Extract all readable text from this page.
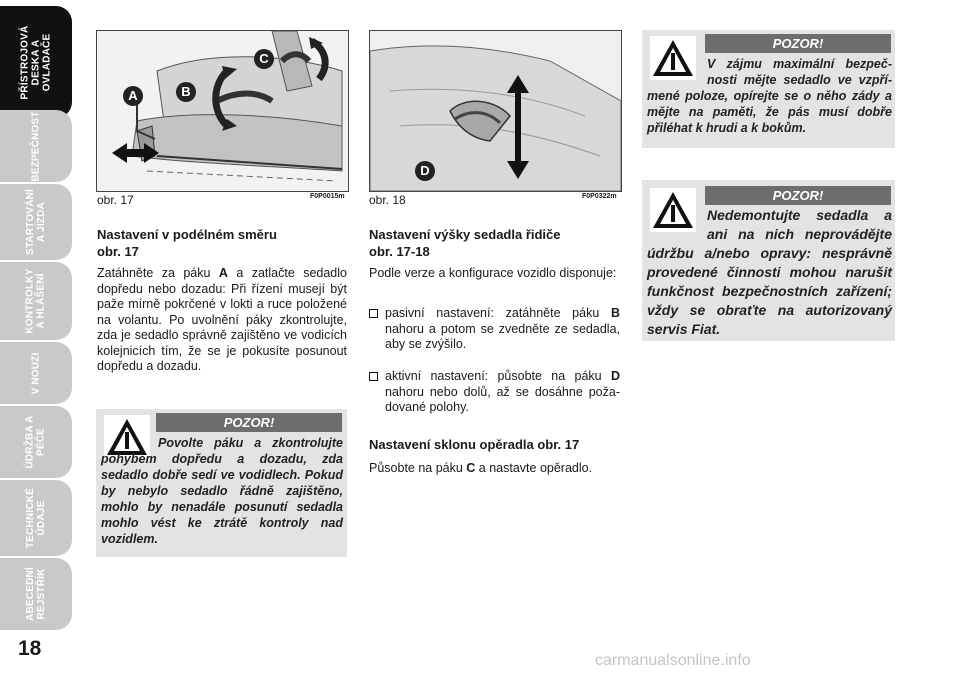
PŘÍSTROJOVÁ
DESKA A
OVLADAČE
BEZPEČNOST
STARTOVÁNÍ
A JÍZDA
KONTROLKY
A HLÁŠENÍ
V NOUZI
ÚDRŽBA A
PÉČE
TECHNICKÉ
ÚDAJE
ABECEDNÍ
REJSTŘÍK
18
A	B
C
obr. 17	F0P0015m
D
obr. 18	F0P0322m
Nastavení v podélném směru
obr. 17
Zatáhněte za páku A a zatlačte sedadlo dopředu nebo dozadu: Při řízení musejí být paže mírně pokrčené v lokti a ruce položené na volantu. Po uvolnění páky zkontrolujte, zda je sedadlo správně zajištěno ve vodicích kolejnicích tím, že se je pokusíte posunout dopředu a dozadu.
POZOR!
Povolte páku a zkontrolujte pohybem dopředu a dozadu, zda sedadlo dobře sedí ve vodidlech. Pokud by nebylo sedadlo řádně zajištěno, mohlo by nenadále posunutí sedadla mohlo vést ke ztrátě kontroly nad vozidlem.
Nastavení výšky sedadla řidiče
obr. 17-18
Podle verze a konfigurace vozidlo disponuje:
pasivní nastavení: zatáhněte páku B nahoru a potom se zvedněte ze sedadla, aby se zvýšilo.
aktivní nastavení: působte na páku D nahoru nebo dolů, až se dosáhne požadované polohy.
Nastavení sklonu opěradla obr. 17
Působte na páku C a nastavte opěradlo.
POZOR!
V zájmu maximální bezpečnosti mějte sedadlo ve vzpřímené poloze, opírejte se o něho zády a mějte na paměti, že pás musí dobře přiléhat k hrudi a k bokům.
POZOR!
Nedemontujte sedadla a ani na nich neprovádějte údržbu a/nebo opravy: nesprávně provedené činnosti mohou narušit funkčnost bezpečnostních zařízení; vždy se obraťte na autorizovaný servis Fiat.
carmanualsonline.info
